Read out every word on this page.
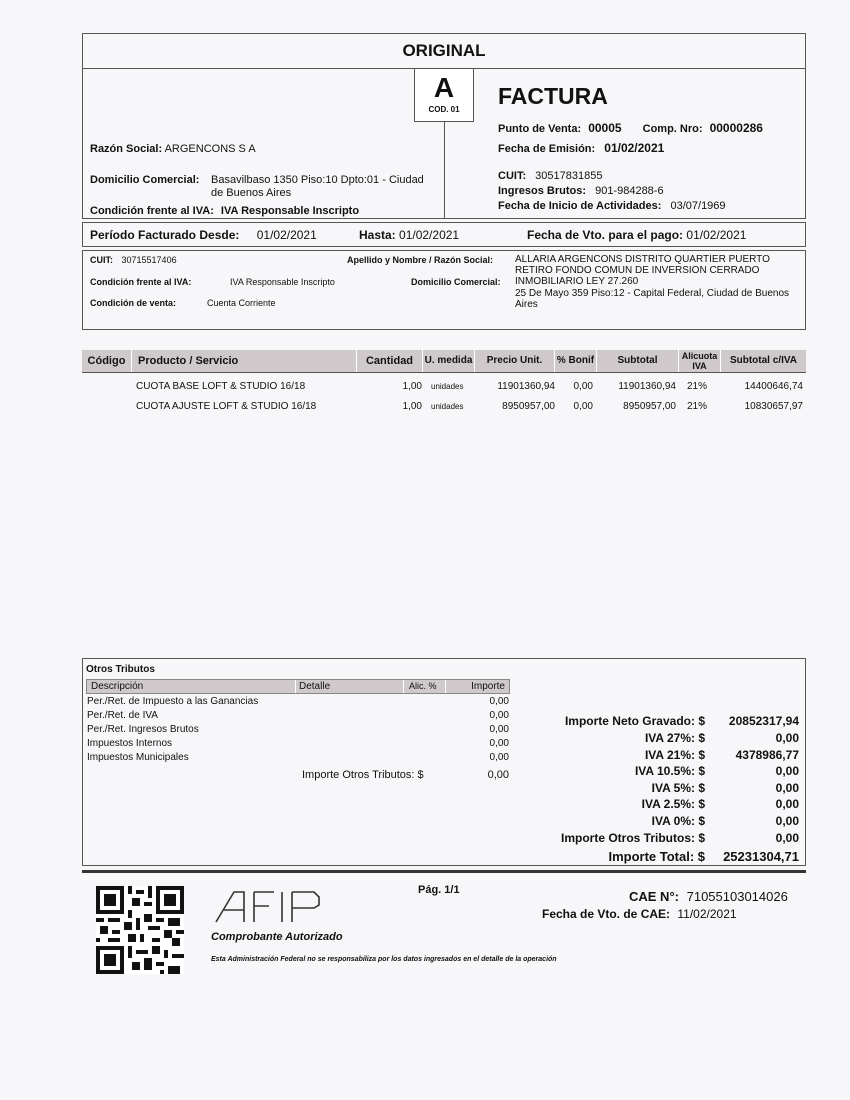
ORIGINAL
A
COD. 01
FACTURA
Razón Social: ARGENCONS S A
Domicilio Comercial: Basavilbaso 1350 Piso:10 Dpto:01 - Ciudad
de Buenos Aires
Condición frente al IVA: IVA Responsable Inscripto
Punto de Venta: 00005 Comp. Nro: 00000286
Fecha de Emisión: 01/02/2021
CUIT: 30517831855
Ingresos Brutos: 901-984288-6
Fecha de Inicio de Actividades: 03/07/1969
Período Facturado Desde: 01/02/2021	Hasta: 01/02/2021	Fecha de Vto. para el pago: 01/02/2021
CUIT: 30715517406	Apellido y Nombre / Razón Social: ALLARIA ARGENCONS DISTRITO QUARTIER PUERTO
RETIRO FONDO COMUN DE INVERSION CERRADO
INMOBILIARIO LEY 27.260
Condición frente al IVA:	IVA Responsable Inscripto	Domicilio Comercial:
25 De Mayo 359 Piso:12 - Capital Federal, Ciudad de Buenos
Aires
Condición de venta:	Cuenta Corriente
Código	Producto / Servicio	Cantidad	U. medida	Precio Unit.	% Bonif	Subtotal	Alicuota
IVA	Subtotal c/IVA
CUOTA BASE LOFT & STUDIO 16/18	1,00 unidades	11901360,94	0,00	11901360,94 21%	14400646,74
CUOTA AJUSTE LOFT & STUDIO 16/18	1,00 unidades	8950957,00	0,00	8950957,00 21%	10830657,97
Otros Tributos
Descripción	Detalle	Alic. %	Importe
Per./Ret. de Impuesto a las Ganancias	0,00
Per./Ret. de IVA	0,00
Per./Ret. Ingresos Brutos	0,00
Impuestos Internos	0,00
Impuestos Municipales	0,00
Importe Otros Tributos: $	0,00
Importe Neto Gravado: $ 20852317,94
IVA 27%: $	0,00
IVA 21%: $	4378986,77
IVA 10.5%: $	0,00
IVA 5%: $	0,00
IVA 2.5%: $	0,00
IVA 0%: $	0,00
Importe Otros Tributos: $	0,00
Importe Total: $ 25231304,71
Comprobante Autorizado
Esta Administración Federal no se responsabiliza por los datos ingresados en el detalle de la operación
Pág. 1/1	CAE N°: 71055103014026
Fecha de Vto. de CAE: 11/02/2021
